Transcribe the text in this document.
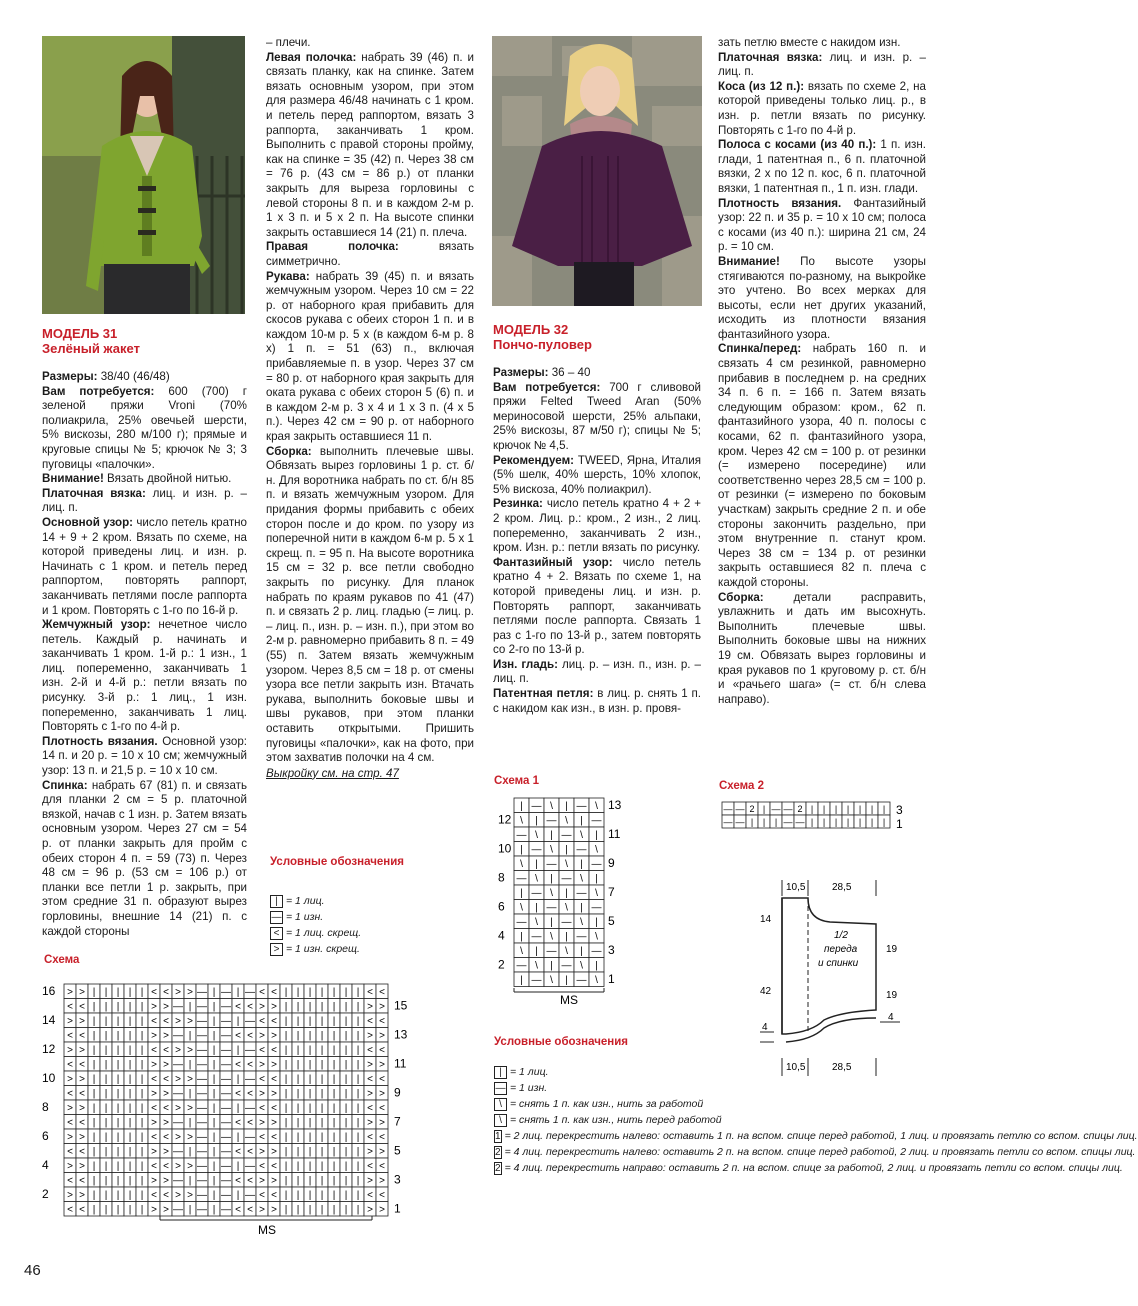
МОДЕЛЬ 31

Зелёный жакет

Размеры: 38/40 (46/48)

Вам потребуется: 600 (700) г зеленой пряжи Vroni (70% полиакрила, 25% овечьей шерсти, 5% вискозы, 280 м/100 г); прямые и круговые спицы № 5; крючок № 3; 3 пуговицы «палочки».

Внимание! Вязать двойной нитью.

Платочная вязка: лиц. и изн. р. – лиц. п.

Основной узор: число петель кратно 14 + 9 + 2 кром. Вязать по схеме, на которой приведены лиц. и изн. р. Начинать с 1 кром. и петель перед раппортом, повторять раппорт, заканчивать петлями после раппорта и 1 кром. Повторять с 1-го по 16-й р.

Жемчужный узор: нечетное число петель. Каждый р. начинать и заканчивать 1 кром. 1-й р.: 1 изн., 1 лиц. попеременно, заканчивать 1 изн. 2-й и 4-й р.: петли вязать по рисунку. 3-й р.: 1 лиц., 1 изн. попеременно, заканчивать 1 лиц. Повторять с 1-го по 4-й р.

Плотность вязания. Основной узор: 14 п. и 20 р. = 10 х 10 см; жемчужный узор: 13 п. и 21,5 р. = 10 х 10 см.

Спинка: набрать 67 (81) п. и связать для планки 2 см = 5 р. платочной вязкой, начав с 1 изн. р. Затем вязать основным узором. Через 27 см = 54 р. от планки закрыть для пройм с обеих сторон 4 п. = 59 (73) п. Через 48 см = 96 р. (53 см = 106 р.) от планки все петли 1 р. закрыть, при этом средние 31 п. образуют вырез горловины, внешние 14 (21) п. с каждой стороны

– плечи.

Левая полочка: набрать 39 (46) п. и связать планку, как на спинке. Затем вязать основным узором, при этом для размера 46/48 начинать с 1 кром. и петель перед раппортом, вязать 3 раппорта, заканчивать 1 кром. Выполнить с правой стороны пройму, как на спинке = 35 (42) п. Через 38 см = 76 р. (43 см = 86 р.) от планки закрыть для выреза горловины с левой стороны 8 п. и в каждом 2-м р. 1 х 3 п. и 5 х 2 п. На высоте спинки закрыть оставшиеся 14 (21) п. плеча.

Правая полочка: вязать симметрично.

Рукава: набрать 39 (45) п. и вязать жемчужным узором. Через 10 см = 22 р. от наборного края прибавить для скосов рукава с обеих сторон 1 п. и в каждом 10-м р. 5 х (в каждом 6-м р. 8 х) 1 п. = 51 (63) п., включая прибавляемые п. в узор. Через 37 см = 80 р. от наборного края закрыть для оката рукава с обеих сторон 5 (6) п. и в каждом 2-м р. 3 х 4 и 1 х 3 п. (4 х 5 п.). Через 42 см = 90 р. от наборного края закрыть оставшиеся 11 п.

Сборка: выполнить плечевые швы. Обвязать вырез горловины 1 р. ст. б/н. Для воротника набрать по ст. б/н 85 п. и вязать жемчужным узором. Для придания формы прибавить с обеих сторон после и до кром. по узору из поперечной нити в каждом 6-м р. 5 х 1 скрещ. п. = 95 п. На высоте воротника 15 см = 32 р. все петли свободно закрыть по рисунку. Для планок набрать по краям рукавов по 41 (47) п. и связать 2 р. лиц. гладью (= лиц. р. – лиц. п., изн. р. – изн. п.), при этом во 2-м р. равномерно прибавить 8 п. = 49 (55) п. Затем вязать жемчужным узором. Через 8,5 см = 18 р. от смены узора все петли закрыть изн. Втачать рукава, выполнить боковые швы и швы рукавов, при этом планки оставить открытыми. Пришить пуговицы «палочки», как на фото, при этом захватив полочки на 4 см.

Выкройку см. на стр. 47

Условные обозначения
| = 1 лиц.
— = 1 изн.
< = 1 лиц. скрещ.
> = 1 изн. скрещ.
Схема
> > | | | | | < < > > — | — | — < < | | | | | | | < <
< < | | | | | > > — | — | — < < > > | | | | | | | > >
> > | | | | | < < > > — | — | — < < | | | | | | | < <
< < | | | | | > > — | — | — < < > > | | | | | | | > >
> > | | | | | < < > > — | — | — < < | | | | | | | < <
< < | | | | | > > — | — | — < < > > | | | | | | | > >
> > | | | | | < < > > — | — | — < < | | | | | | | < <
< < | | | | | > > — | — | — < < > > | | | | | | | > >
> > | | | | | < < > > — | — | — < < | | | | | | | < <
< < | | | | | > > — | — | — < < > > | | | | | | | > >
> > | | | | | < < > > — | — | — < < | | | | | | | < <
< < | | | | | > > — | — | — < < > > | | | | | | | > >
> > | | | | | < < > > — | — | — < < | | | | | | | < <
< < | | | | | > > — | — | — < < > > | | | | | | | > >
> > | | | | | < < > > — | — | — < < | | | | | | | < <
< < | | | | | > > — | — | — < < > > | | | | | | | > >
16
14
12
10
8
6
4
2
15
13
11
9
7
5
3
1
MS

МОДЕЛЬ 32

Пончо-пуловер

Размеры: 36 – 40

Вам потребуется: 700 г сливовой пряжи Felted Tweed Aran (50% мериносовой шерсти, 25% альпаки, 25% вискозы, 87 м/50 г); спицы № 5; крючок № 4,5.

Рекомендуем: TWEED, Ярна, Италия (5% шелк, 40% шерсть, 10% хлопок, 5% вискоза, 40% полиакрил).

Резинка: число петель кратно 4 + 2 + 2 кром. Лиц. р.: кром., 2 изн., 2 лиц. попеременно, заканчивать 2 изн., кром. Изн. р.: петли вязать по рисунку.

Фантазийный узор: число петель кратно 4 + 2. Вязать по схеме 1, на которой приведены лиц. и изн. р. Повторять раппорт, заканчивать петлями после раппорта. Связать 1 раз с 1-го по 13-й р., затем повторять со 2-го по 13-й р.

Изн. гладь: лиц. р. – изн. п., изн. р. – лиц. п.

Патентная петля: в лиц. р. снять 1 п. с накидом как изн., в изн. р. провя-

зать петлю вместе с накидом изн.

Платочная вязка: лиц. и изн. р. – лиц. п.

Коса (из 12 п.): вязать по схеме 2, на которой приведены только лиц. р., в изн. р. петли вязать по рисунку. Повторять с 1-го по 4-й р.

Полоса с косами (из 40 п.): 1 п. изн. глади, 1 патентная п., 6 п. платочной вязки, 2 х по 12 п. кос, 6 п. платочной вязки, 1 патентная п., 1 п. изн. глади.

Плотность вязания. Фантазийный узор: 22 п. и 35 р. = 10 х 10 см; полоса с косами (из 40 п.): ширина 21 см, 24 р. = 10 см.

Внимание! По высоте узоры стягиваются по-разному, на выкройке это учтено. Во всех мерках для высоты, если нет других указаний, исходить из плотности вязания фантазийного узора.

Спинка/перед: набрать 160 п. и связать 4 см резинкой, равномерно прибавив в последнем р. на средних 34 п. 6 п. = 166 п. Затем вязать следующим образом: кром., 62 п. фантазийного узора, 40 п. полосы с косами, 62 п. фантазийного узора, кром. Через 42 см = 100 р. от резинки (= измерено посередине) или соответственно через 28,5 см = 100 р. от резинки (= измерено по боковым участкам) закрыть средние 2 п. и обе стороны закончить раздельно, при этом внутренние п. станут кром. Через 38 см = 134 р. от резинки закрыть оставшиеся 82 п. плеча с каждой стороны.

Сборка: детали расправить, увлажнить и дать им высохнуть. Выполнить плечевые швы. Выполнить боковые швы на нижних 19 см. Обвязать вырез горловины и края рукавов по 1 круговому р. ст. б/н и «рачьего шага» (= ст. б/н слева направо).

Схема 1
| — \ | — \
\ | — \ | —
— \ | — \ |
| — \ | — \
\ | — \ | —
— \ | — \ |
| — \ | — \
\ | — \ | —
— \ | — \ |
| — \ | — \
\ | — \ | —
— \ | — \ |
| — \ | — \
12
10
8
6
4
2
13
11
9
7
5
3
1
MS
Схема 2
— — 2 | — — 2 | | | | | | |
— — | | | — — | | | | | | |
3
1
Условные обозначения
| = 1 лиц.
— = 1 изн.
\ = снять 1 п. как изн., нить за работой
\ = снять 1 п. как изн., нить перед работой
1 = 2 лиц. перекрестить налево: оставить 1 п. на вспом. спице перед работой, 1 лиц. и провязать петлю со вспом. спицы лиц.
2 = 4 лиц. перекрестить налево: оставить 2 п. на вспом. спице перед работой, 2 лиц. и провязать петли со вспом. спицы лиц.
2 = 4 лиц. перекрестить направо: оставить 2 п. на вспом. спице за работой, 2 лиц. и провязать петли со вспом. спицы лиц.
10,5	28,5
14
42
4
19
19
4
1/2
переда
и спинки
10,5	28,5
46
